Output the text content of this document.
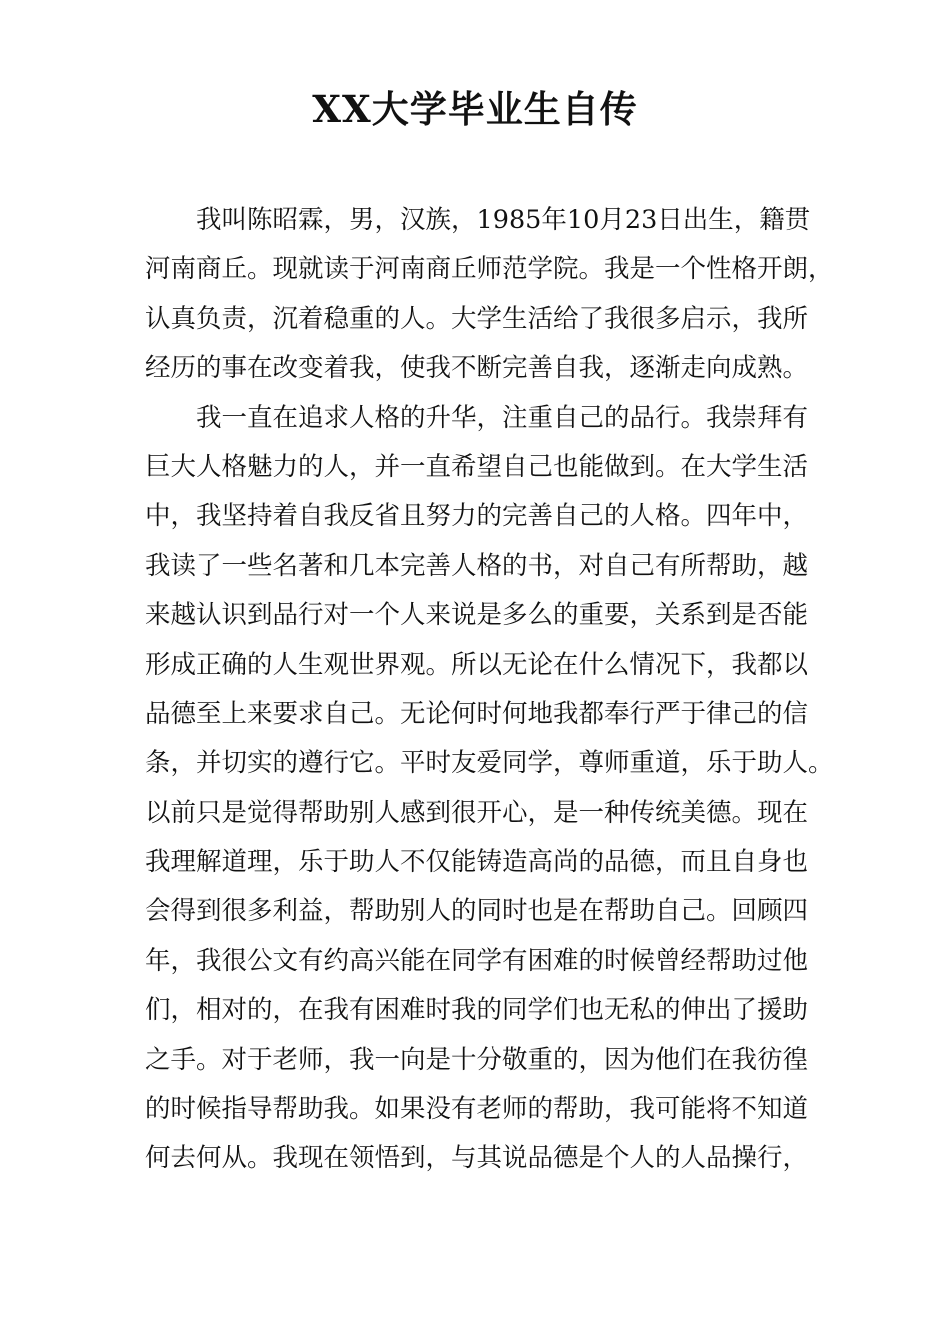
XX大学毕业生自传
我叫陈昭霖，男，汉族，1985年10月23日出生，籍贯
河南商丘。现就读于河南商丘师范学院。我是一个性格开朗，
认真负责，沉着稳重的人。大学生活给了我很多启示，我所
经历的事在改变着我，使我不断完善自我，逐渐走向成熟。
我一直在追求人格的升华，注重自己的品行。我崇拜有
巨大人格魅力的人，并一直希望自己也能做到。在大学生活
中，我坚持着自我反省且努力的完善自己的人格。四年中，
我读了一些名著和几本完善人格的书，对自己有所帮助，越
来越认识到品行对一个人来说是多么的重要，关系到是否能
形成正确的人生观世界观。所以无论在什么情况下，我都以
品德至上来要求自己。无论何时何地我都奉行严于律己的信
条，并切实的遵行它。平时友爱同学，尊师重道，乐于助人。
以前只是觉得帮助别人感到很开心，是一种传统美德。现在
我理解道理，乐于助人不仅能铸造高尚的品德，而且自身也
会得到很多利益，帮助别人的同时也是在帮助自己。回顾四
年，我很公文有约高兴能在同学有困难的时候曾经帮助过他
们，相对的，在我有困难时我的同学们也无私的伸出了援助
之手。对于老师，我一向是十分敬重的，因为他们在我彷徨
的时候指导帮助我。如果没有老师的帮助，我可能将不知道
何去何从。我现在领悟到，与其说品德是个人的人品操行，
